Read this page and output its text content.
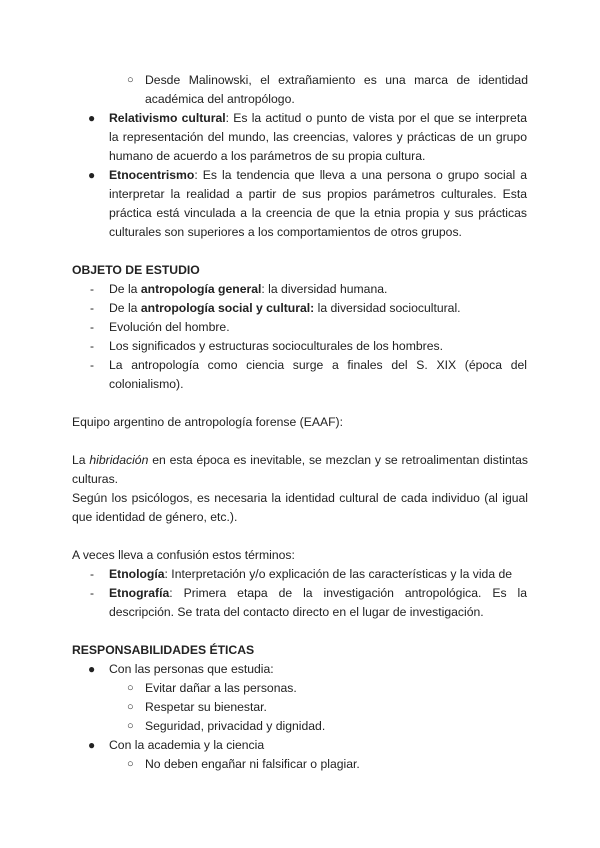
○ Desde Malinowski, el extrañamiento es una marca de identidad académica del antropólogo.
● Relativismo cultural: Es la actitud o punto de vista por el que se interpreta la representación del mundo, las creencias, valores y prácticas de un grupo humano de acuerdo a los parámetros de su propia cultura.
● Etnocentrismo: Es la tendencia que lleva a una persona o grupo social a interpretar la realidad a partir de sus propios parámetros culturales. Esta práctica está vinculada a la creencia de que la etnia propia y sus prácticas culturales son superiores a los comportamientos de otros grupos.
OBJETO DE ESTUDIO
- De la antropología general: la diversidad humana.
- De la antropología social y cultural: la diversidad sociocultural.
- Evolución del hombre.
- Los significados y estructuras socioculturales de los hombres.
- La antropología como ciencia surge a finales del S. XIX (época del colonialismo).

Equipo argentino de antropología forense (EAAF):

La hibridación en esta época es inevitable, se mezclan y se retroalimentan distintas culturas.

Según los psicólogos, es necesaria la identidad cultural de cada individuo (al igual que identidad de género, etc.).

A veces lleva a confusión estos términos:

- Etnología: Interpretación y/o explicación de las características y la vida de
- Etnografía: Primera etapa de la investigación antropológica. Es la descripción. Se trata del contacto directo en el lugar de investigación.
RESPONSABILIDADES ÉTICAS
● Con las personas que estudia:
○ Evitar dañar a las personas.
○ Respetar su bienestar.
○ Seguridad, privacidad y dignidad.
● Con la academia y la ciencia
○ No deben engañar ni falsificar o plagiar.
